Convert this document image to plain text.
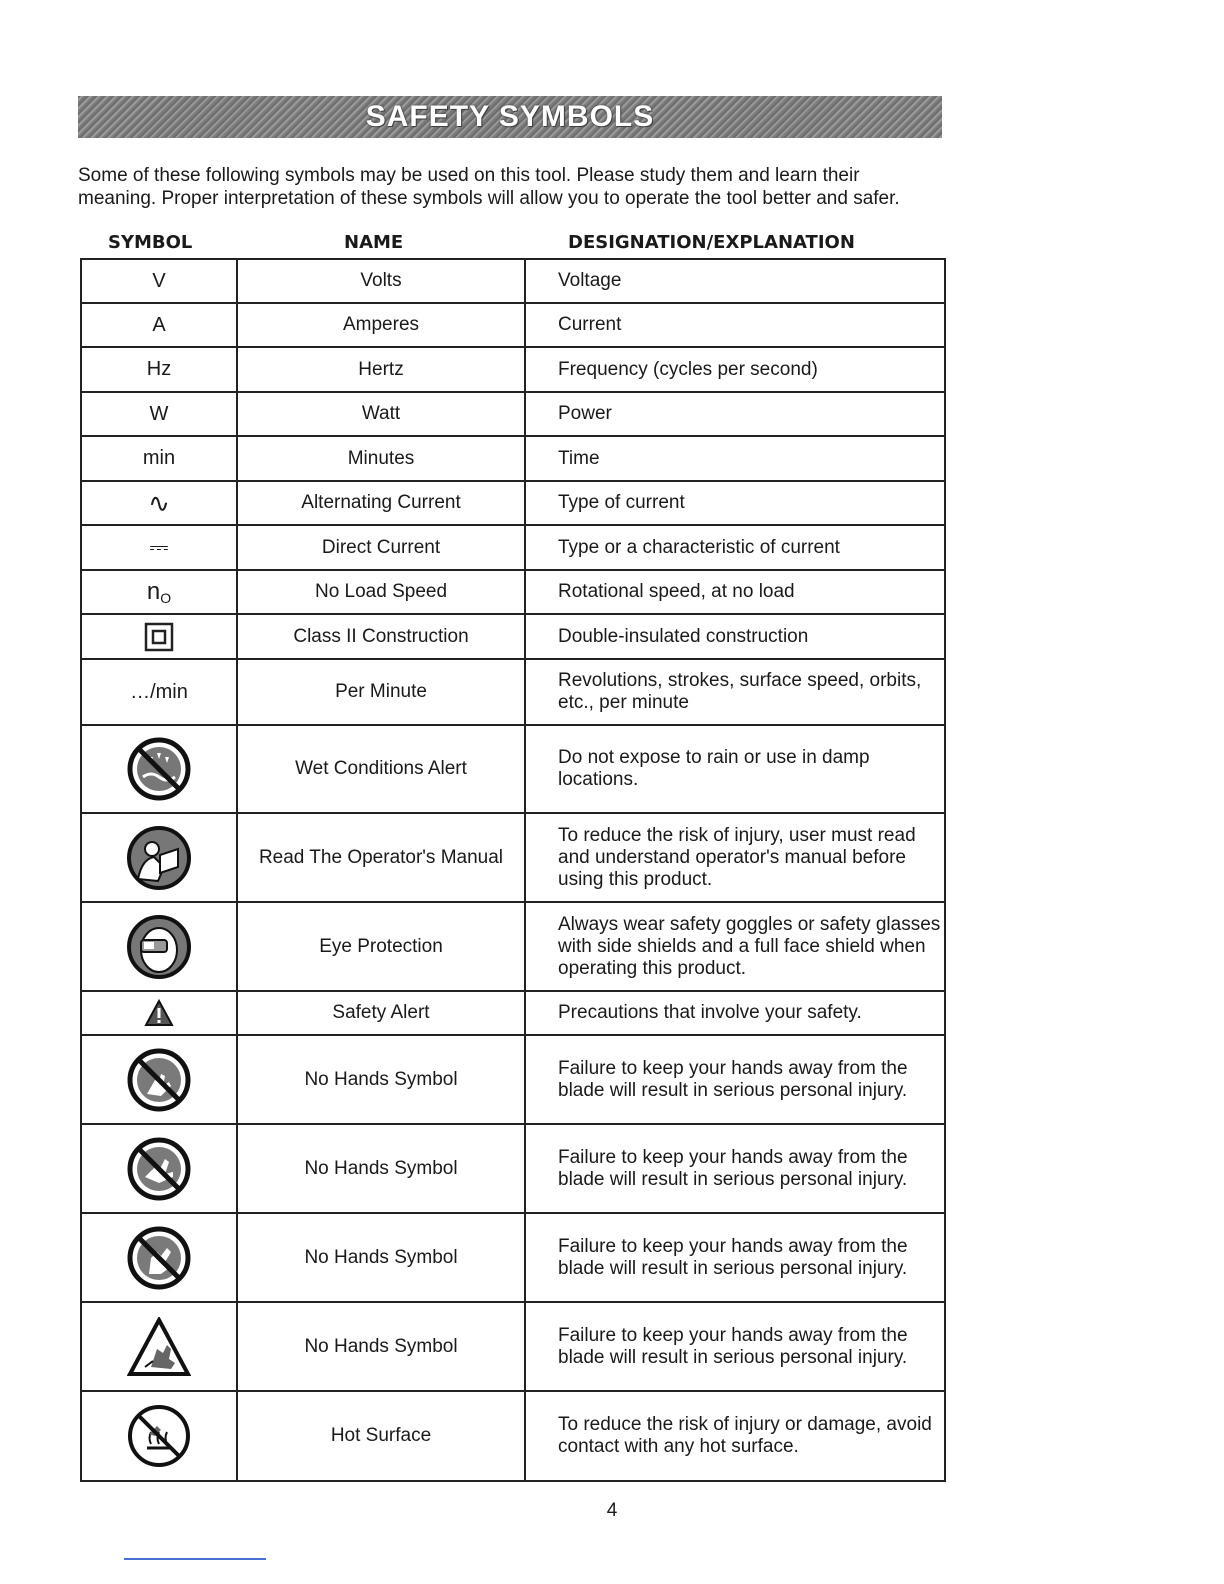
SAFETY SYMBOLS

Some of these following symbols may be used on this tool. Please study them and learn their

meaning. Proper interpretation of these symbols will allow you to operate the tool better and safer.

SYMBOL	NAME	DESIGNATION/EXPLANATION
V	Volts	Voltage
A	Amperes	Current
Hz	Hertz	Frequency (cycles per second)
W	Watt	Power
min	Minutes	Time
∿	Alternating Current	Type of current
⎓	Direct Current	Type or a characteristic of current
$n_O$	No Load Speed	Rotational speed, at no load

	Class II Construction	Double-insulated construction
…/min	Per Minute	Revolutions, strokes, surface speed, orbits, etc., per minute

	Wet Conditions Alert	Do not expose to rain or use in damp locations.

	Read The Operator's Manual	To reduce the risk of injury, user must read and understand operator's manual before using this product.

	Eye Protection	Always wear safety goggles or safety glasses with side shields and a full face shield when operating this product.

	Safety Alert	Precautions that involve your safety.

	No Hands Symbol	Failure to keep your hands away from the blade will result in serious personal injury.

	No Hands Symbol	Failure to keep your hands away from the blade will result in serious personal injury.

	No Hands Symbol	Failure to keep your hands away from the blade will result in serious personal injury.

	No Hands Symbol	Failure to keep your hands away from the blade will result in serious personal injury.

	Hot Surface	To reduce the risk of injury or damage, avoid contact with any hot surface.
4
